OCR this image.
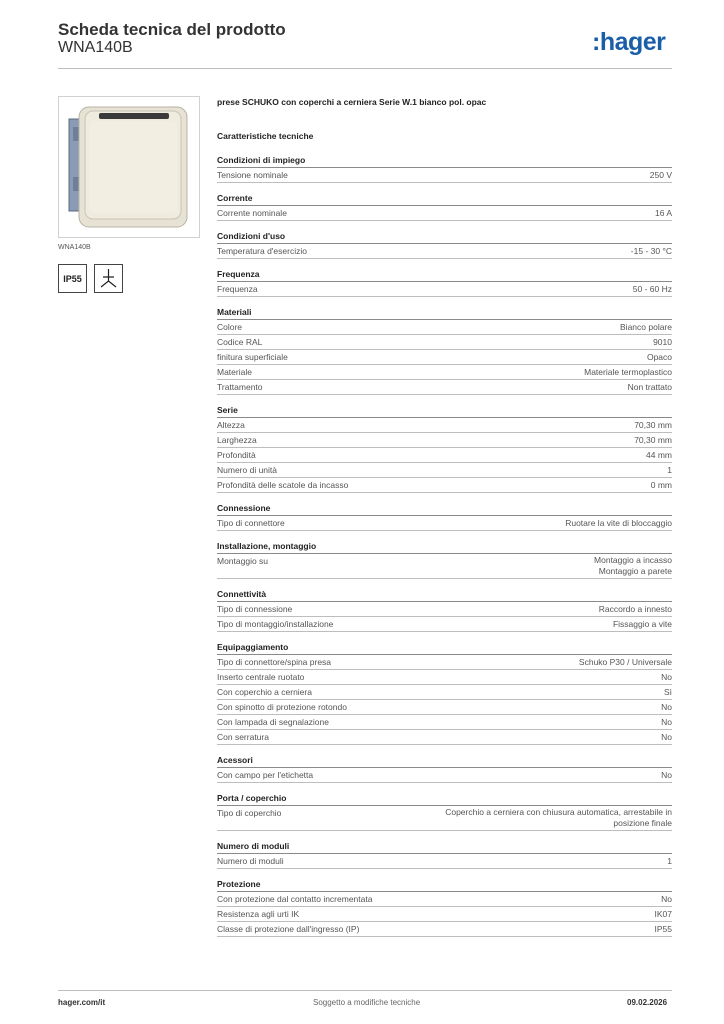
Scheda tecnica del prodotto
WNA140B	:hager
WNA140B
IP55
prese SCHUKO con coperchi a cerniera Serie W.1 bianco pol. opac
Caratteristiche tecniche
Condizioni di impiego
Tensione nominale	250 V
Corrente
Corrente nominale	16 A
Condizioni d'uso
Temperatura d'esercizio	-15 - 30 °C
Frequenza
Frequenza	50 - 60 Hz
Materiali
Colore	Bianco polare
Codice RAL	9010
finitura superficiale	Opaco
Materiale	Materiale termoplastico
Trattamento	Non trattato
Serie
Altezza	70,30 mm
Larghezza	70,30 mm
Profondità	44 mm
Numero di unità	1
Profondità delle scatole da incasso	0 mm
Connessione
Tipo di connettore	Ruotare la vite di bloccaggio
Installazione, montaggio
Montaggio su	Montaggio a incasso
Montaggio a parete
Connettività
Tipo di connessione	Raccordo a innesto
Tipo di montaggio/installazione	Fissaggio a vite
Equipaggiamento
Tipo di connettore/spina presa	Schuko P30 / Universale
Inserto centrale ruotato	No
Con coperchio a cerniera	Sì
Con spinotto di protezione rotondo	No
Con lampada di segnalazione	No
Con serratura	No
Acessori
Con campo per l'etichetta	No
Porta / coperchio
Tipo di coperchio	Coperchio a cerniera con chiusura automatica, arrestabile in
posizione finale
Numero di moduli
Numero di moduli	1
Protezione
Con protezione dal contatto incrementata	No
Resistenza agli urti IK	IK07
Classe di protezione dall'ingresso (IP)	IP55
hager.com/it	Soggetto a modifiche tecniche	09.02.2026
